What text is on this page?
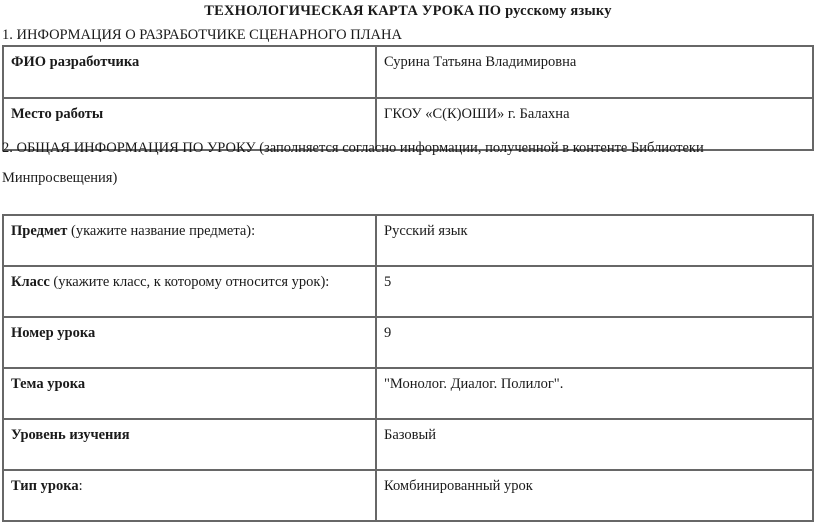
ТЕХНОЛОГИЧЕСКАЯ КАРТА УРОКА ПО русскому языку
1. ИНФОРМАЦИЯ О РАЗРАБОТЧИКЕ СЦЕНАРНОГО ПЛАНА
ФИО разработчика	Сурина Татьяна Владимировна
Место работы	ГКОУ «С(К)ОШИ» г. Балахна
2. ОБЩАЯ ИНФОРМАЦИЯ ПО УРОКУ (заполняется согласно информации, полученной в контенте Библиотеки Минпросвещения)
Предмет (укажите название предмета):	Русский язык
Класс (укажите класс, к которому относится урок):	5
Номер урока	9
Тема урока	"Монолог. Диалог. Полилог".
Уровень изучения	Базовый
Тип урока:	Комбинированный урок
